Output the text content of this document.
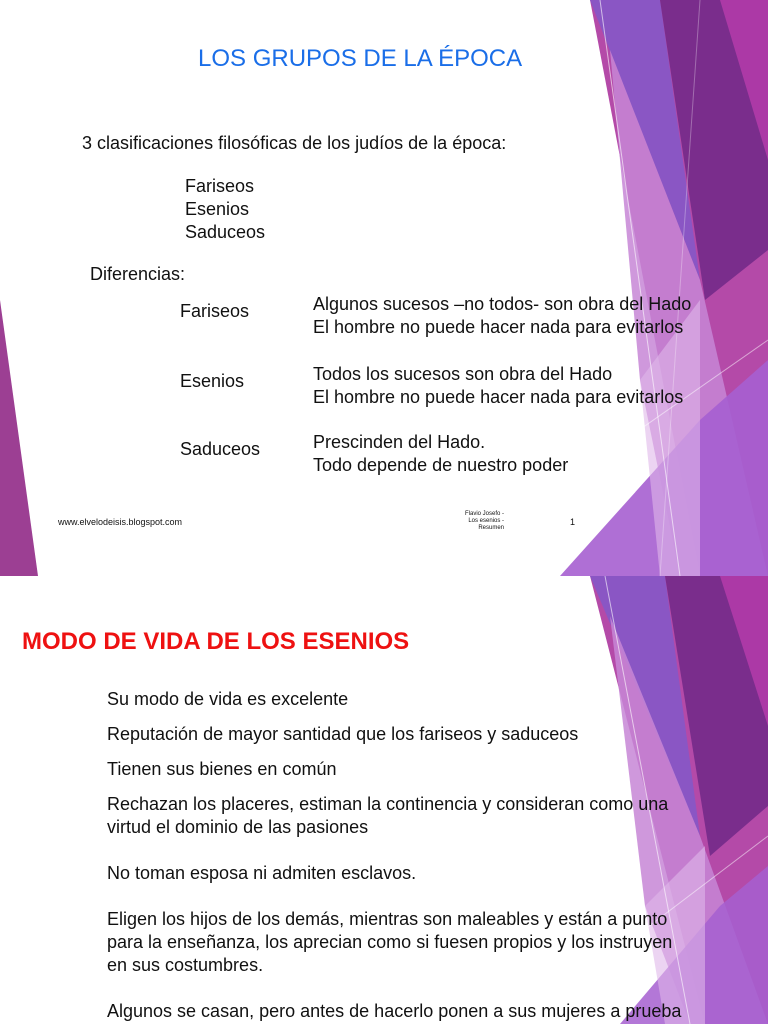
LOS GRUPOS DE LA ÉPOCA
3 clasificaciones filosóficas de los judíos de la época:
Fariseos
Esenios
Saduceos
Diferencias:
Fariseos	Algunos sucesos –no todos- son obra del Hado
El hombre no puede hacer nada para evitarlos
Esenios	Todos los sucesos son obra del Hado
El hombre no puede hacer nada para evitarlos
Saduceos	Prescinden del Hado.
Todo depende de nuestro poder
www.elvelodeisis.blogspot.com
Flavio Josefo -
Los esenios -
Resumen
1
MODO DE VIDA DE LOS ESENIOS
Su modo de vida es excelente
Reputación de mayor santidad que los fariseos y saduceos
Tienen sus bienes en común
Rechazan los placeres, estiman la continencia y consideran como una
virtud el dominio de las pasiones
No toman esposa ni admiten esclavos.
Eligen los hijos de los demás, mientras son maleables y están a punto
para la enseñanza, los aprecian como si fuesen propios y los instruyen
en sus costumbres.
Algunos se casan, pero antes de hacerlo ponen a sus mujeres a prueba
